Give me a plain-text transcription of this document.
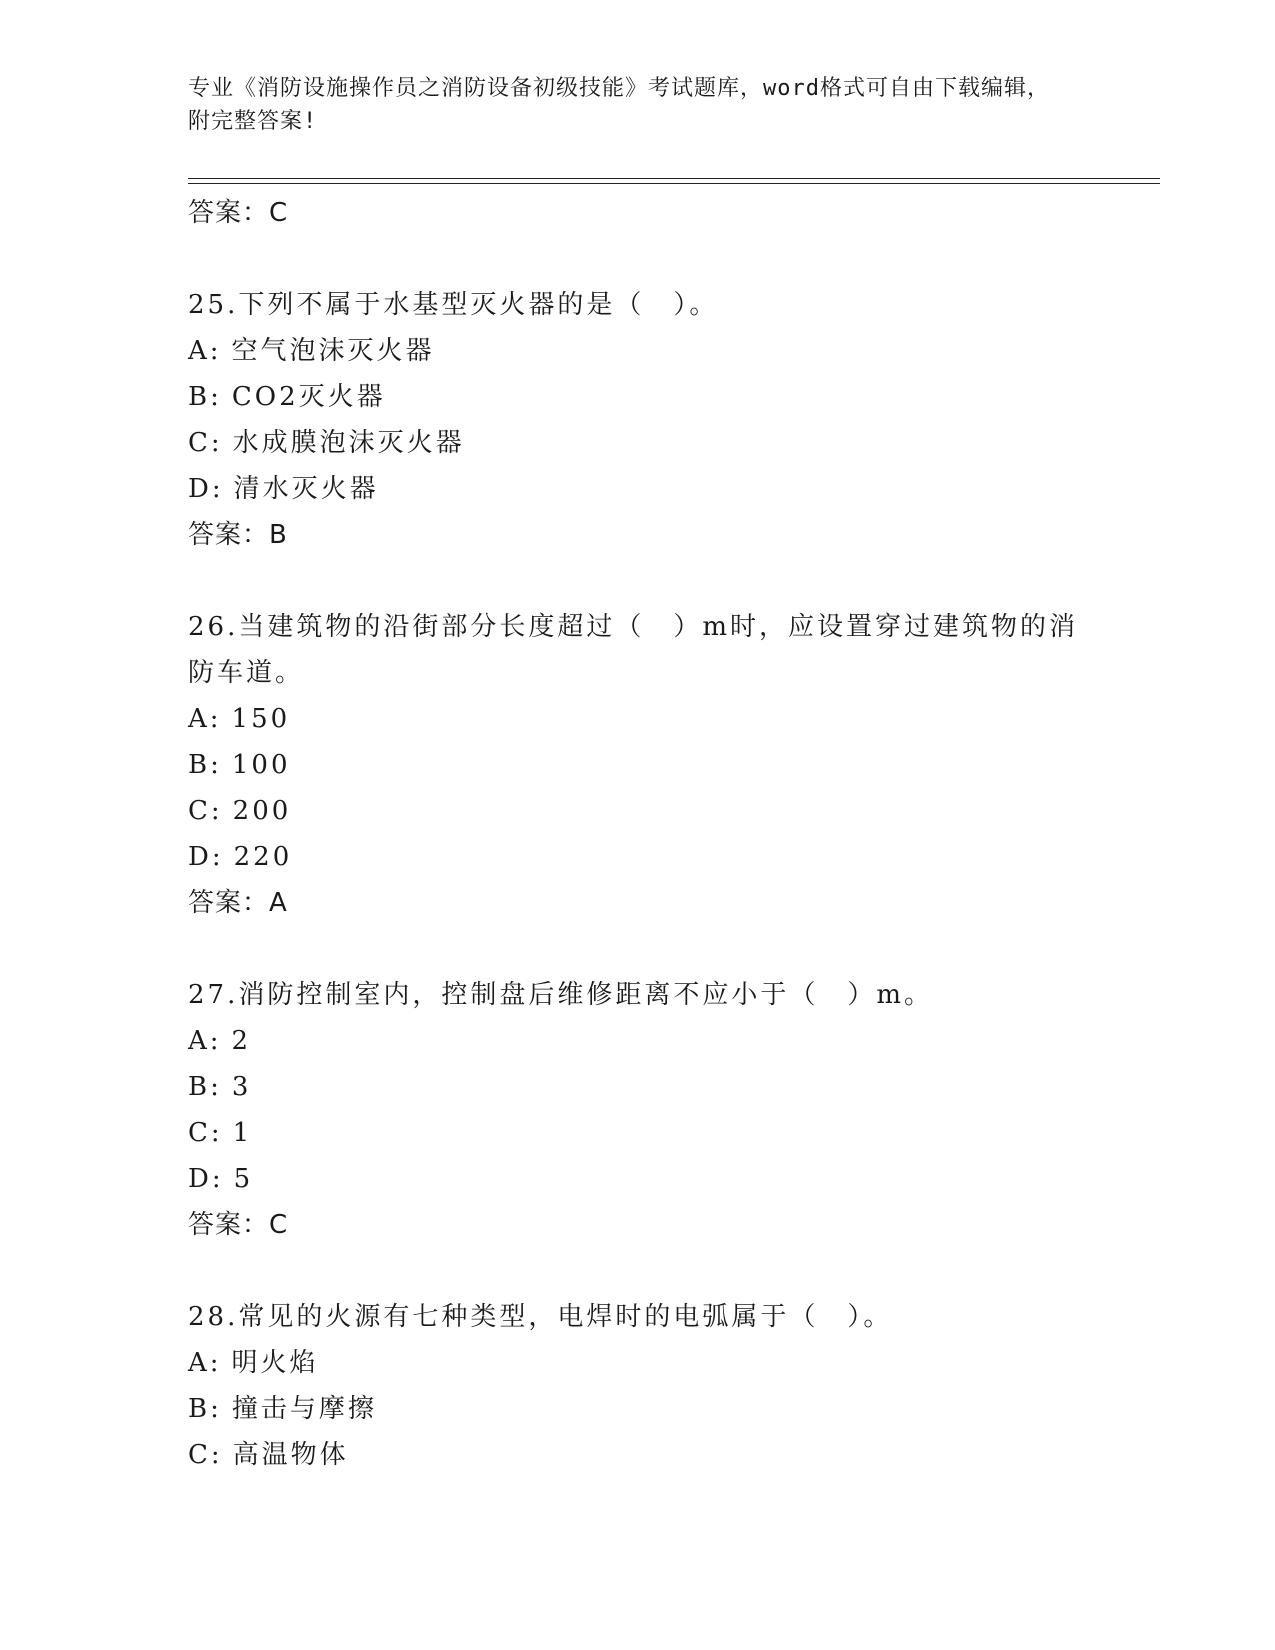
专业《消防设施操作员之消防设备初级技能》考试题库，word格式可自由下载编辑，附完整答案!
答案：C
25.下列不属于水基型灭火器的是（　）。
A: 空气泡沫灭火器
B: CO2灭火器
C: 水成膜泡沫灭火器
D: 清水灭火器
答案：B
26.当建筑物的沿街部分长度超过（　）m时，应设置穿过建筑物的消防车道。
A: 150
B: 100
C: 200
D: 220
答案：A
27.消防控制室内，控制盘后维修距离不应小于（　）m。
A: 2
B: 3
C: 1
D: 5
答案：C
28.常见的火源有七种类型，电焊时的电弧属于（　）。
A: 明火焰
B: 撞击与摩擦
C: 高温物体
